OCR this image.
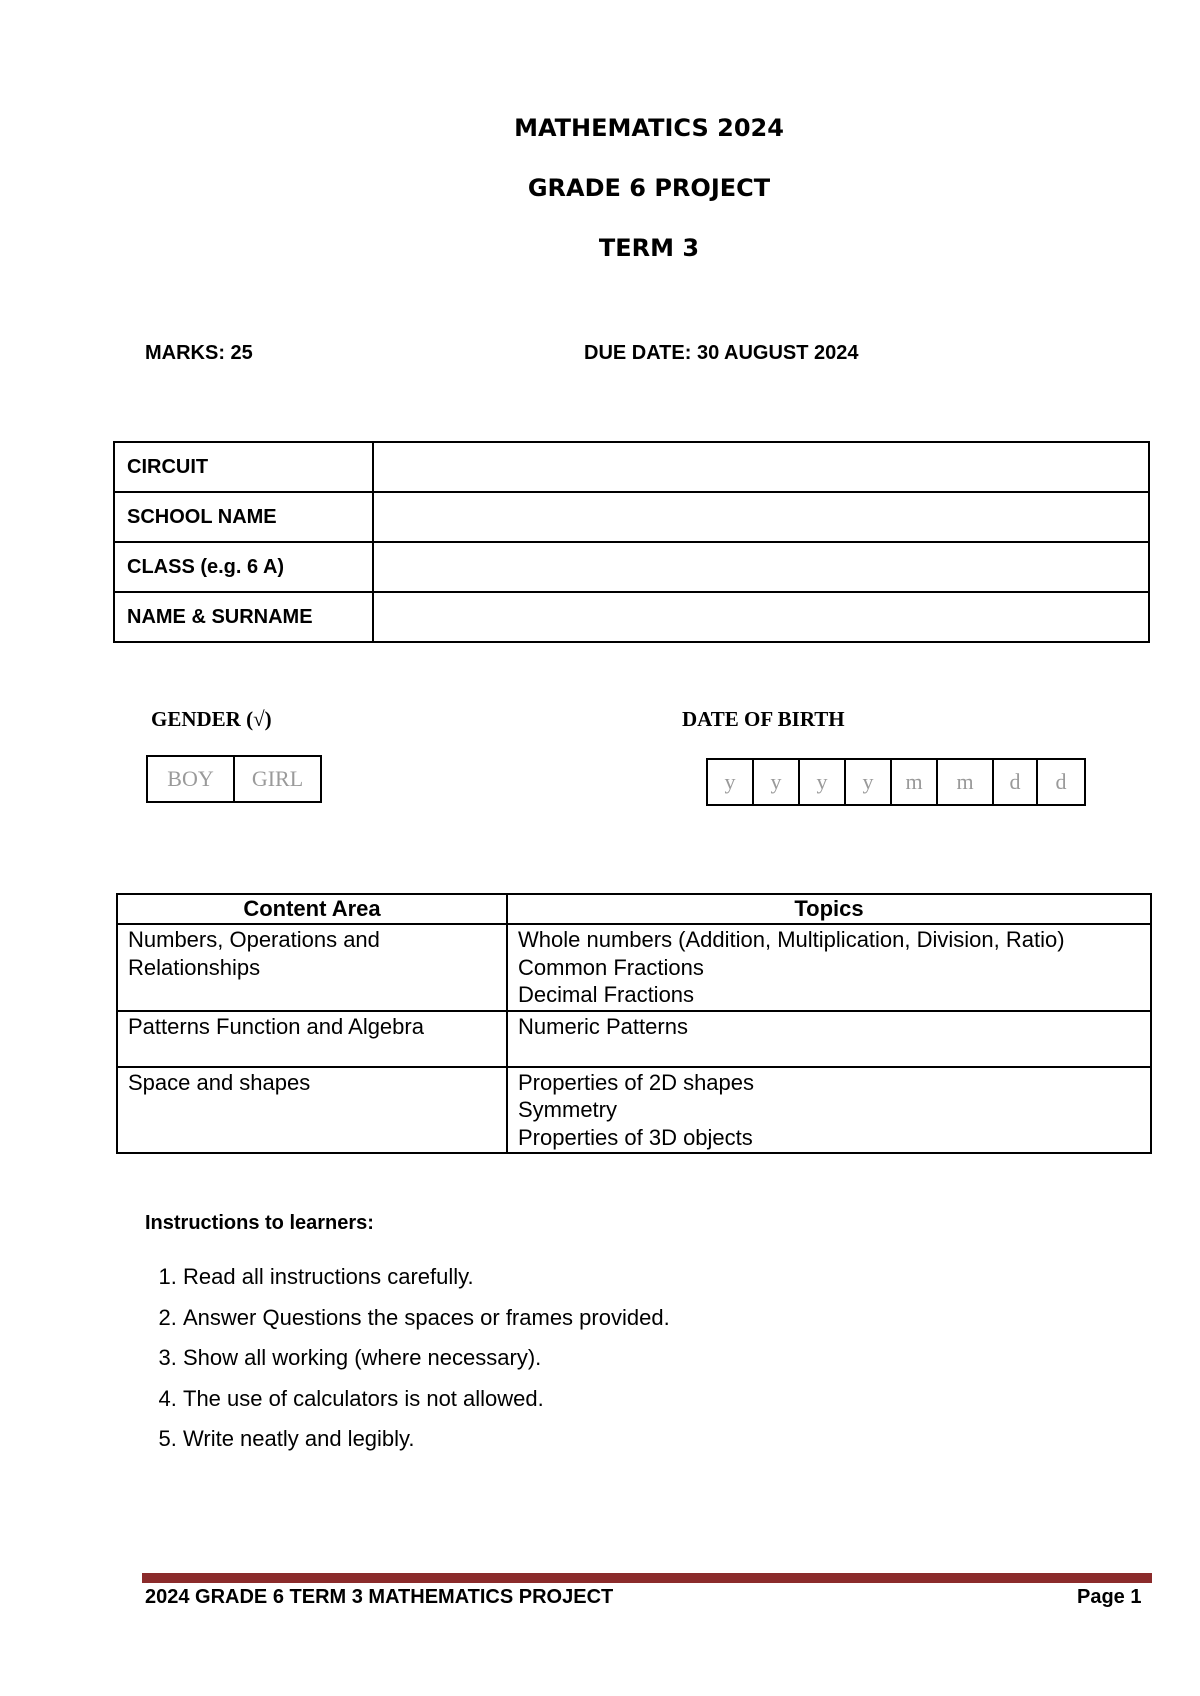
MATHEMATICS 2024
GRADE 6 PROJECT
TERM 3
MARKS: 25	DUE DATE: 30 AUGUST 2024
CIRCUIT	
SCHOOL NAME	
CLASS (e.g. 6 A)	
NAME & SURNAME	
GENDER (√)
BOY	GIRL
DATE OF BIRTH
y	y	y	y	m	m	d	d
Content Area	Topics
Numbers, Operations and Relationships	Whole numbers (Addition, Multiplication, Division, Ratio)
Common Fractions
Decimal Fractions

Patterns Function and Algebra	Numeric Patterns

Space and shapes	Properties of 2D shapes
Symmetry
Properties of 3D objects
Instructions to learners:
1. Read all instructions carefully.
2. Answer Questions the spaces or frames provided.
3. Show all working (where necessary).
4. The use of calculators is not allowed.
5. Write neatly and legibly.
2024 GRADE 6 TERM 3 MATHEMATICS PROJECT	Page 1
